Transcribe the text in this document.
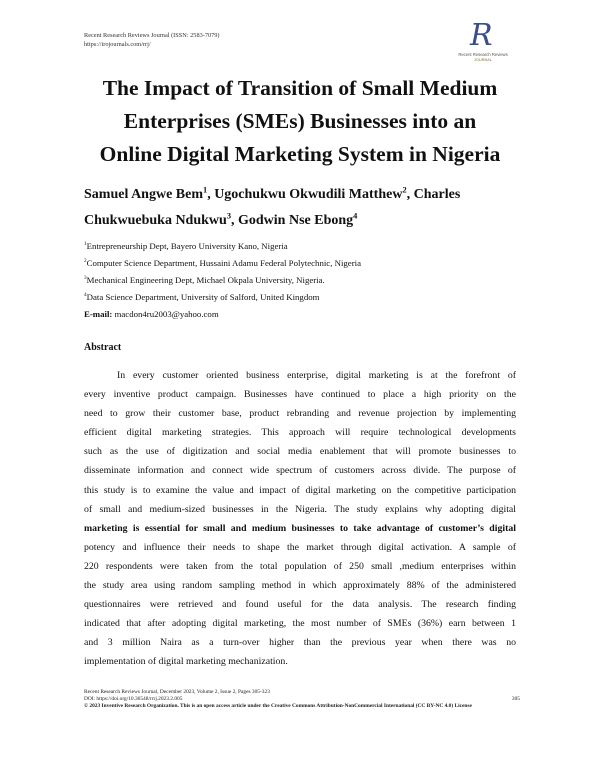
Recent Research Reviews Journal (ISSN: 2583-7079)
https://irojournals.com/rrj/	R
Recent Research Reviews
JOURNAL
The Impact of Transition of Small Medium
Enterprises (SMEs) Businesses into an
Online Digital Marketing System in Nigeria
Samuel Angwe Bem$^1$, Ugochukwu Okwudili Matthew$^2$, Charles
Chukwuebuka Ndukwu$^3$, Godwin Nse Ebong$^4$
$^1$Entrepreneurship Dept, Bayero University Kano, Nigeria
$^2$Computer Science Department, Hussaini Adamu Federal Polytechnic, Nigeria
$^3$Mechanical Engineering Dept, Michael Okpala University, Nigeria.
$^4$Data Science Department, University of Salford, United Kingdom
E-mail: macdon4ru2003@yahoo.com
Abstract
In every customer oriented business enterprise, digital marketing is at the forefront of
every inventive product campaign. Businesses have continued to place a high priority on the
need to grow their customer base, product rebranding and revenue projection by implementing
efficient digital marketing strategies. This approach will require technological developments
such as the use of digitization and social media enablement that will promote businesses to
disseminate information and connect wide spectrum of customers across divide. The purpose of
this study is to examine the value and impact of digital marketing on the competitive participation
of small and medium-sized businesses in the Nigeria. The study explains why adopting digital
marketing is essential for small and medium businesses to take advantage of customer’s digital
potency and influence their needs to shape the market through digital activation. A sample of
220 respondents were taken from the total population of 250 small ,medium enterprises within
the study area using random sampling method in which approximately 88% of the administered
questionnaires were retrieved and found useful for the data analysis. The research finding
indicated that after adopting digital marketing, the most number of SMEs (36%) earn between 1
and 3 million Naira as a turn-over higher than the previous year when there was no
implementation of digital marketing mechanization.
Recent Research Reviews Journal, December 2023, Volume 2, Issue 2, Pages 305-323
DOI: https://doi.org/10.36548/rrrj.2023.2.005	305
© 2023 Inventive Research Organization. This is an open access article under the Creative Commons Attribution-NonCommercial International (CC BY-NC 4.0) License
